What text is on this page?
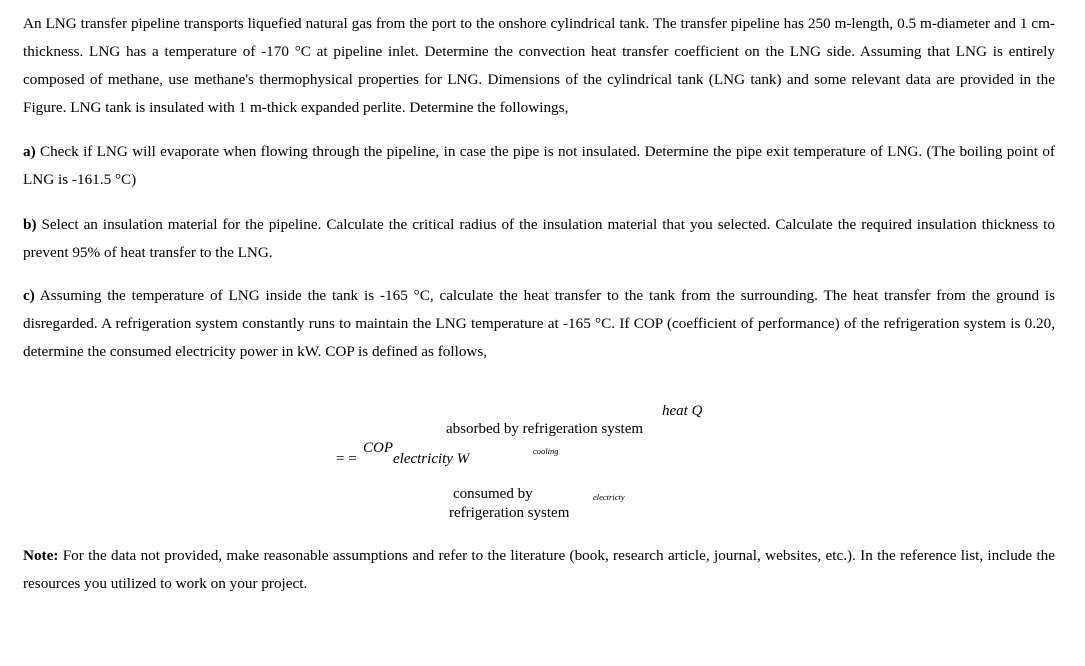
An LNG transfer pipeline transports liquefied natural gas from the port to the onshore cylindrical tank. The transfer pipeline has 250 m-length, 0.5 m-diameter and 1 cm-thickness. LNG has a temperature of -170 °C at pipeline inlet. Determine the convection heat transfer coefficient on the LNG side. Assuming that LNG is entirely composed of methane, use methane's thermophysical properties for LNG. Dimensions of the cylindrical tank (LNG tank) and some relevant data are provided in the Figure. LNG tank is insulated with 1 m-thick expanded perlite. Determine the followings,

a) Check if LNG will evaporate when flowing through the pipeline, in case the pipe is not insulated. Determine the pipe exit temperature of LNG. (The boiling point of LNG is -161.5 °C)

b) Select an insulation material for the pipeline. Calculate the critical radius of the insulation material that you selected. Calculate the required insulation thickness to prevent 95% of heat transfer to the LNG.

c) Assuming the temperature of LNG inside the tank is -165 °C, calculate the heat transfer to the tank from the surrounding. The heat transfer from the ground is disregarded. A refrigeration system constantly runs to maintain the LNG temperature at -165 °C. If COP (coefficient of performance) of the refrigeration system is 0.20, determine the consumed electricity power in kW. COP is defined as follows,

heat Q
absorbed by refrigeration system
cooling
= =
COP
electricity W
consumed by	electricty
refrigeration system

Note: For the data not provided, make reasonable assumptions and refer to the literature (book, research article, journal, websites, etc.). In the reference list, include the resources you utilized to work on your project.
